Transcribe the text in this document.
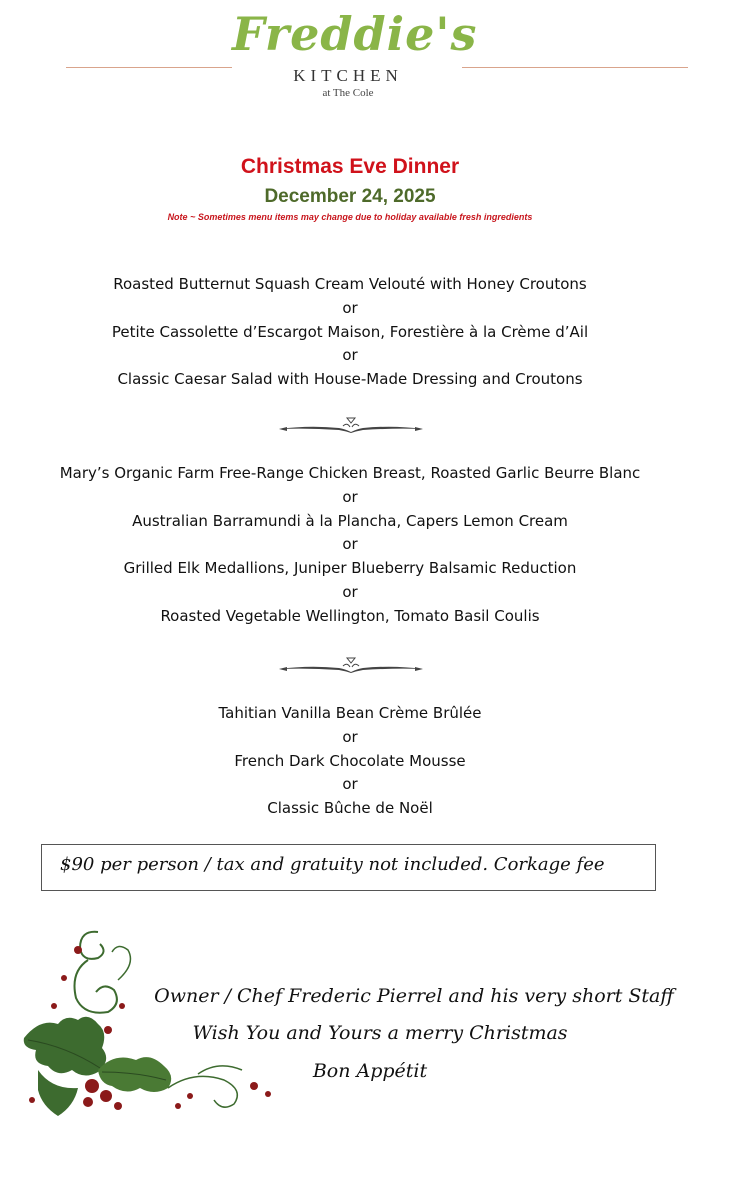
Freddie's
KITCHEN
at The Cole
Christmas Eve Dinner
December 24, 2025
Note ~ Sometimes menu items may change due to holiday available fresh ingredients
Roasted Butternut Squash Cream Velouté with Honey Croutons
or
Petite Cassolette d’Escargot Maison, Forestière à la Crème d’Ail
or
Classic Caesar Salad with House-Made Dressing and Croutons
Mary’s Organic Farm Free-Range Chicken Breast, Roasted Garlic Beurre Blanc
or
Australian Barramundi à la Plancha, Capers Lemon Cream
or
Grilled Elk Medallions, Juniper Blueberry Balsamic Reduction
or
Roasted Vegetable Wellington, Tomato Basil Coulis
Tahitian Vanilla Bean Crème Brûlée
or
French Dark Chocolate Mousse
or
Classic Bûche de Noël
$90 per person / tax and gratuity not included. Corkage fee
Owner / Chef Frederic Pierrel and his very short Staff
Wish You and Yours a merry Christmas
Bon Appétit
